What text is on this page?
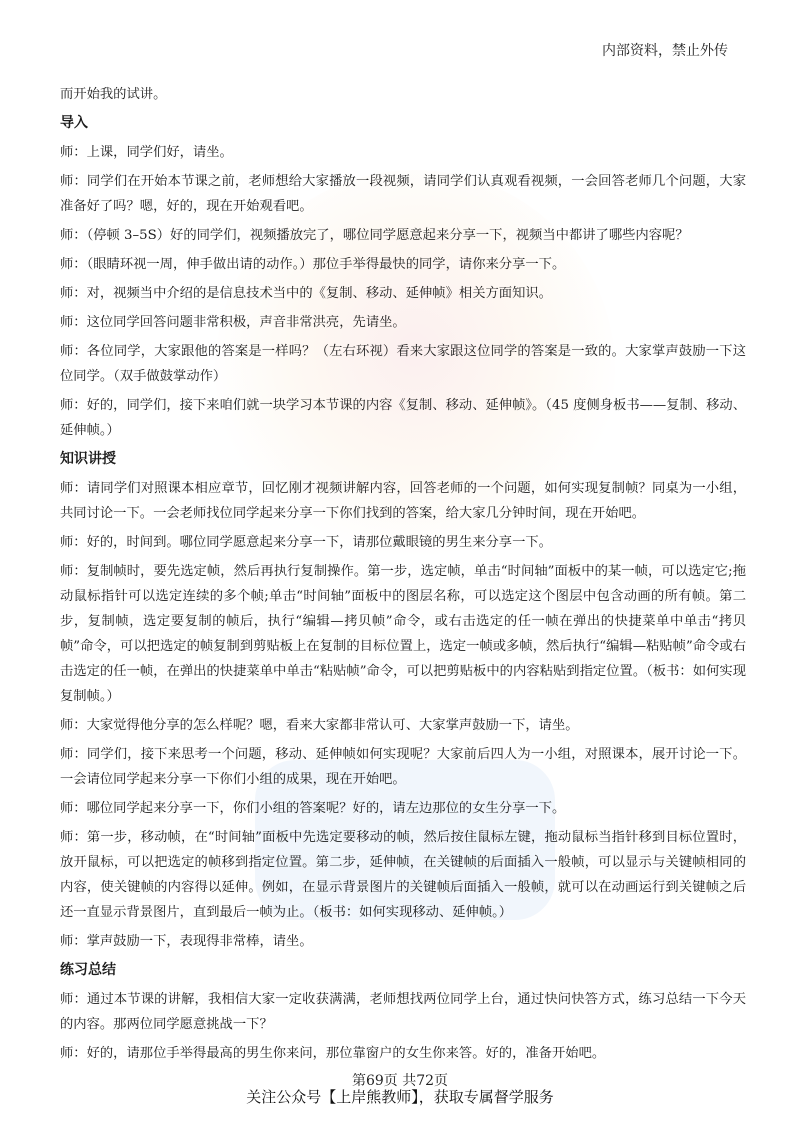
内部资料，禁止外传

而开始我的试讲。

导入

师：上课，同学们好，请坐。

师：同学们在开始本节课之前，老师想给大家播放一段视频，请同学们认真观看视频，一会回答老师几个问题，大家准备好了吗？嗯，好的，现在开始观看吧。

师：（停顿 3–5S）好的同学们，视频播放完了，哪位同学愿意起来分享一下，视频当中都讲了哪些内容呢？

师：（眼睛环视一周，伸手做出请的动作。）那位手举得最快的同学，请你来分享一下。

师：对，视频当中介绍的是信息技术当中的《复制、移动、延伸帧》相关方面知识。

师：这位同学回答问题非常积极，声音非常洪亮，先请坐。

师：各位同学，大家跟他的答案是一样吗？（左右环视）看来大家跟这位同学的答案是一致的。大家掌声鼓励一下这位同学。（双手做鼓掌动作）

师：好的，同学们，接下来咱们就一块学习本节课的内容《复制、移动、延伸帧》。（45 度侧身板书——复制、移动、延伸帧。）

知识讲授

师：请同学们对照课本相应章节，回忆刚才视频讲解内容，回答老师的一个问题，如何实现复制帧？同桌为一小组，共同讨论一下。一会老师找位同学起来分享一下你们找到的答案，给大家几分钟时间，现在开始吧。

师：好的，时间到。哪位同学愿意起来分享一下，请那位戴眼镜的男生来分享一下。

师：复制帧时，要先选定帧，然后再执行复制操作。第一步，选定帧，单击“时间轴”面板中的某一帧，可以选定它;拖动鼠标指针可以选定连续的多个帧;单击“时间轴”面板中的图层名称，可以选定这个图层中包含动画的所有帧。第二步，复制帧，选定要复制的帧后，执行“编辑—拷贝帧”命令，或右击选定的任一帧在弹出的快捷菜单中单击“拷贝帧”命令，可以把选定的帧复制到剪贴板上在复制的目标位置上，选定一帧或多帧，然后执行“编辑—粘贴帧”命令或右击选定的任一帧，在弹出的快捷菜单中单击“粘贴帧”命令，可以把剪贴板中的内容粘贴到指定位置。（板书：如何实现复制帧。）

师：大家觉得他分享的怎么样呢？嗯，看来大家都非常认可、大家掌声鼓励一下，请坐。

师：同学们，接下来思考一个问题，移动、延伸帧如何实现呢？大家前后四人为一小组，对照课本，展开讨论一下。一会请位同学起来分享一下你们小组的成果，现在开始吧。

师：哪位同学起来分享一下，你们小组的答案呢？好的，请左边那位的女生分享一下。

师：第一步，移动帧，在“时间轴”面板中先选定要移动的帧，然后按住鼠标左键，拖动鼠标当指针移到目标位置时，放开鼠标，可以把选定的帧移到指定位置。第二步，延伸帧，在关键帧的后面插入一般帧，可以显示与关键帧相同的内容，使关键帧的内容得以延伸。例如，在显示背景图片的关键帧后面插入一般帧，就可以在动画运行到关键帧之后还一直显示背景图片，直到最后一帧为止。（板书：如何实现移动、延伸帧。）

师：掌声鼓励一下，表现得非常棒，请坐。

练习总结

师：通过本节课的讲解，我相信大家一定收获满满，老师想找两位同学上台，通过快问快答方式，练习总结一下今天的内容。那两位同学愿意挑战一下？

师：好的，请那位手举得最高的男生你来问，那位靠窗户的女生你来答。好的，准备开始吧。

第69页 共72页
关注公众号【上岸熊教师】，获取专属督学服务
